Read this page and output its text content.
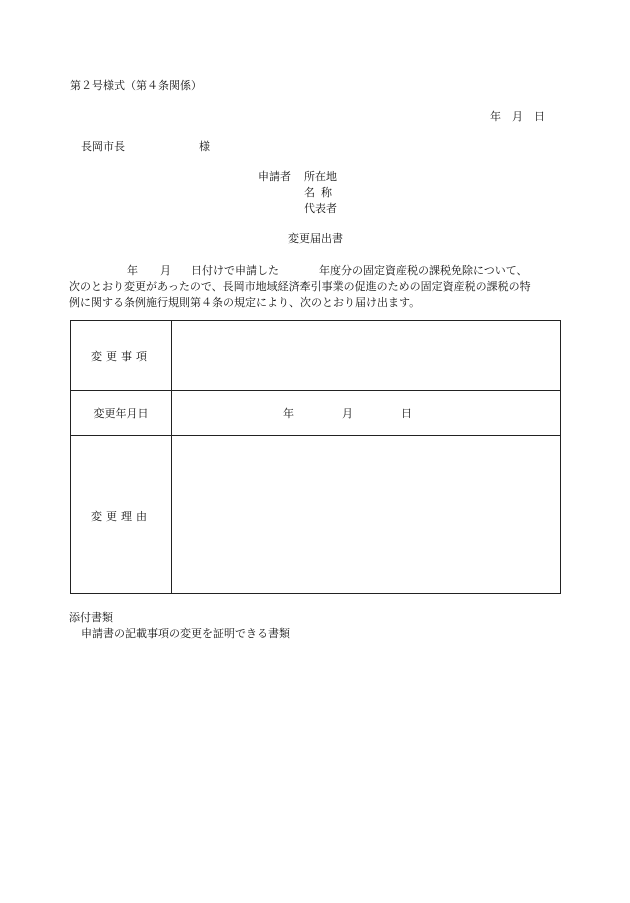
第２号様式（第４条関係）
年　月　日
長岡市長	様
申請者 所在地
名称
代表者
変更届出書
年 月 日付けで申請した	年度分の固定資産税の課税免除について、
次のとおり変更があったので、長岡市地域経済牽引事業の促進のための固定資産税の課税の特
例に関する条例施行規則第４条の規定により、次のとおり届け出ます。
変更事項
変更年月日	年	月	日
変更理由
添付書類
申請書の記載事項の変更を証明できる書類
